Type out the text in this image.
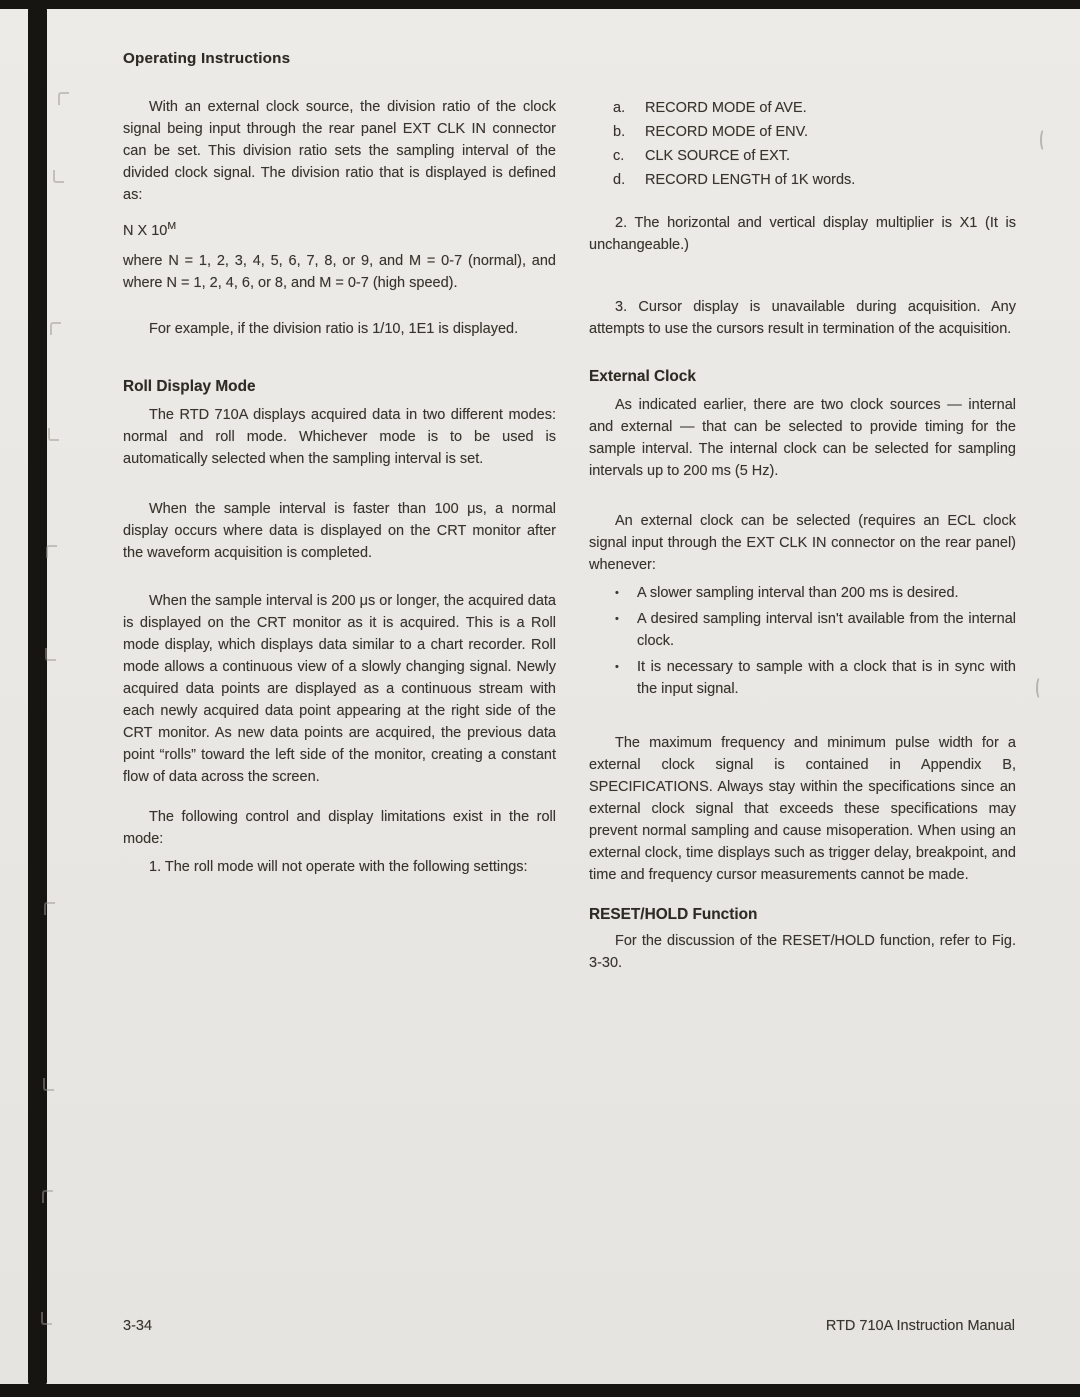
Operating Instructions

With an external clock source, the division ratio of the clock signal being input through the rear panel EXT CLK IN connector can be set. This division ratio sets the sampling interval of the divided clock signal. The division ratio that is displayed is defined as:

N X $10^M$

where N = 1, 2, 3, 4, 5, 6, 7, 8, or 9, and M = 0-7 (normal), and where N = 1, 2, 4, 6, or 8, and M = 0-7 (high speed).

For example, if the division ratio is 1/10, 1E1 is displayed.

Roll Display Mode

The RTD 710A displays acquired data in two different modes: normal and roll mode. Whichever mode is to be used is automatically selected when the sampling interval is set.

When the sample interval is faster than 100 μs, a normal display occurs where data is displayed on the CRT monitor after the waveform acquisition is completed.

When the sample interval is 200 μs or longer, the acquired data is displayed on the CRT monitor as it is acquired. This is a Roll mode display, which displays data similar to a chart recorder. Roll mode allows a continuous view of a slowly changing signal. Newly acquired data points are displayed as a continuous stream with each newly acquired data point appearing at the right side of the CRT monitor. As new data points are acquired, the previous data point “rolls” toward the left side of the monitor, creating a constant flow of data across the screen.

The following control and display limitations exist in the roll mode:

1. The roll mode will not operate with the following settings:

a. RECORD MODE of AVE.
b. RECORD MODE of ENV.
c. CLK SOURCE of EXT.
d. RECORD LENGTH of 1K words.

2. The horizontal and vertical display multiplier is X1 (It is unchangeable.)

3. Cursor display is unavailable during acquisition. Any attempts to use the cursors result in termination of the acquisition.

External Clock

As indicated earlier, there are two clock sources — internal and external — that can be selected to provide timing for the sample interval. The internal clock can be selected for sampling intervals up to 200 ms (5 Hz).

An external clock can be selected (requires an ECL clock signal input through the EXT CLK IN connector on the rear panel) whenever:

• A slower sampling interval than 200 ms is desired.
• A desired sampling interval isn't available from the internal clock.
• It is necessary to sample with a clock that is in sync with the input signal.

The maximum frequency and minimum pulse width for a external clock signal is contained in Appendix B, SPECIFICATIONS. Always stay within the specifications since an external clock signal that exceeds these specifications may prevent normal sampling and cause misoperation. When using an external clock, time displays such as trigger delay, breakpoint, and time and frequency cursor measurements cannot be made.

RESET/HOLD Function

For the discussion of the RESET/HOLD function, refer to Fig. 3-30.

3-34	RTD 710A Instruction Manual
